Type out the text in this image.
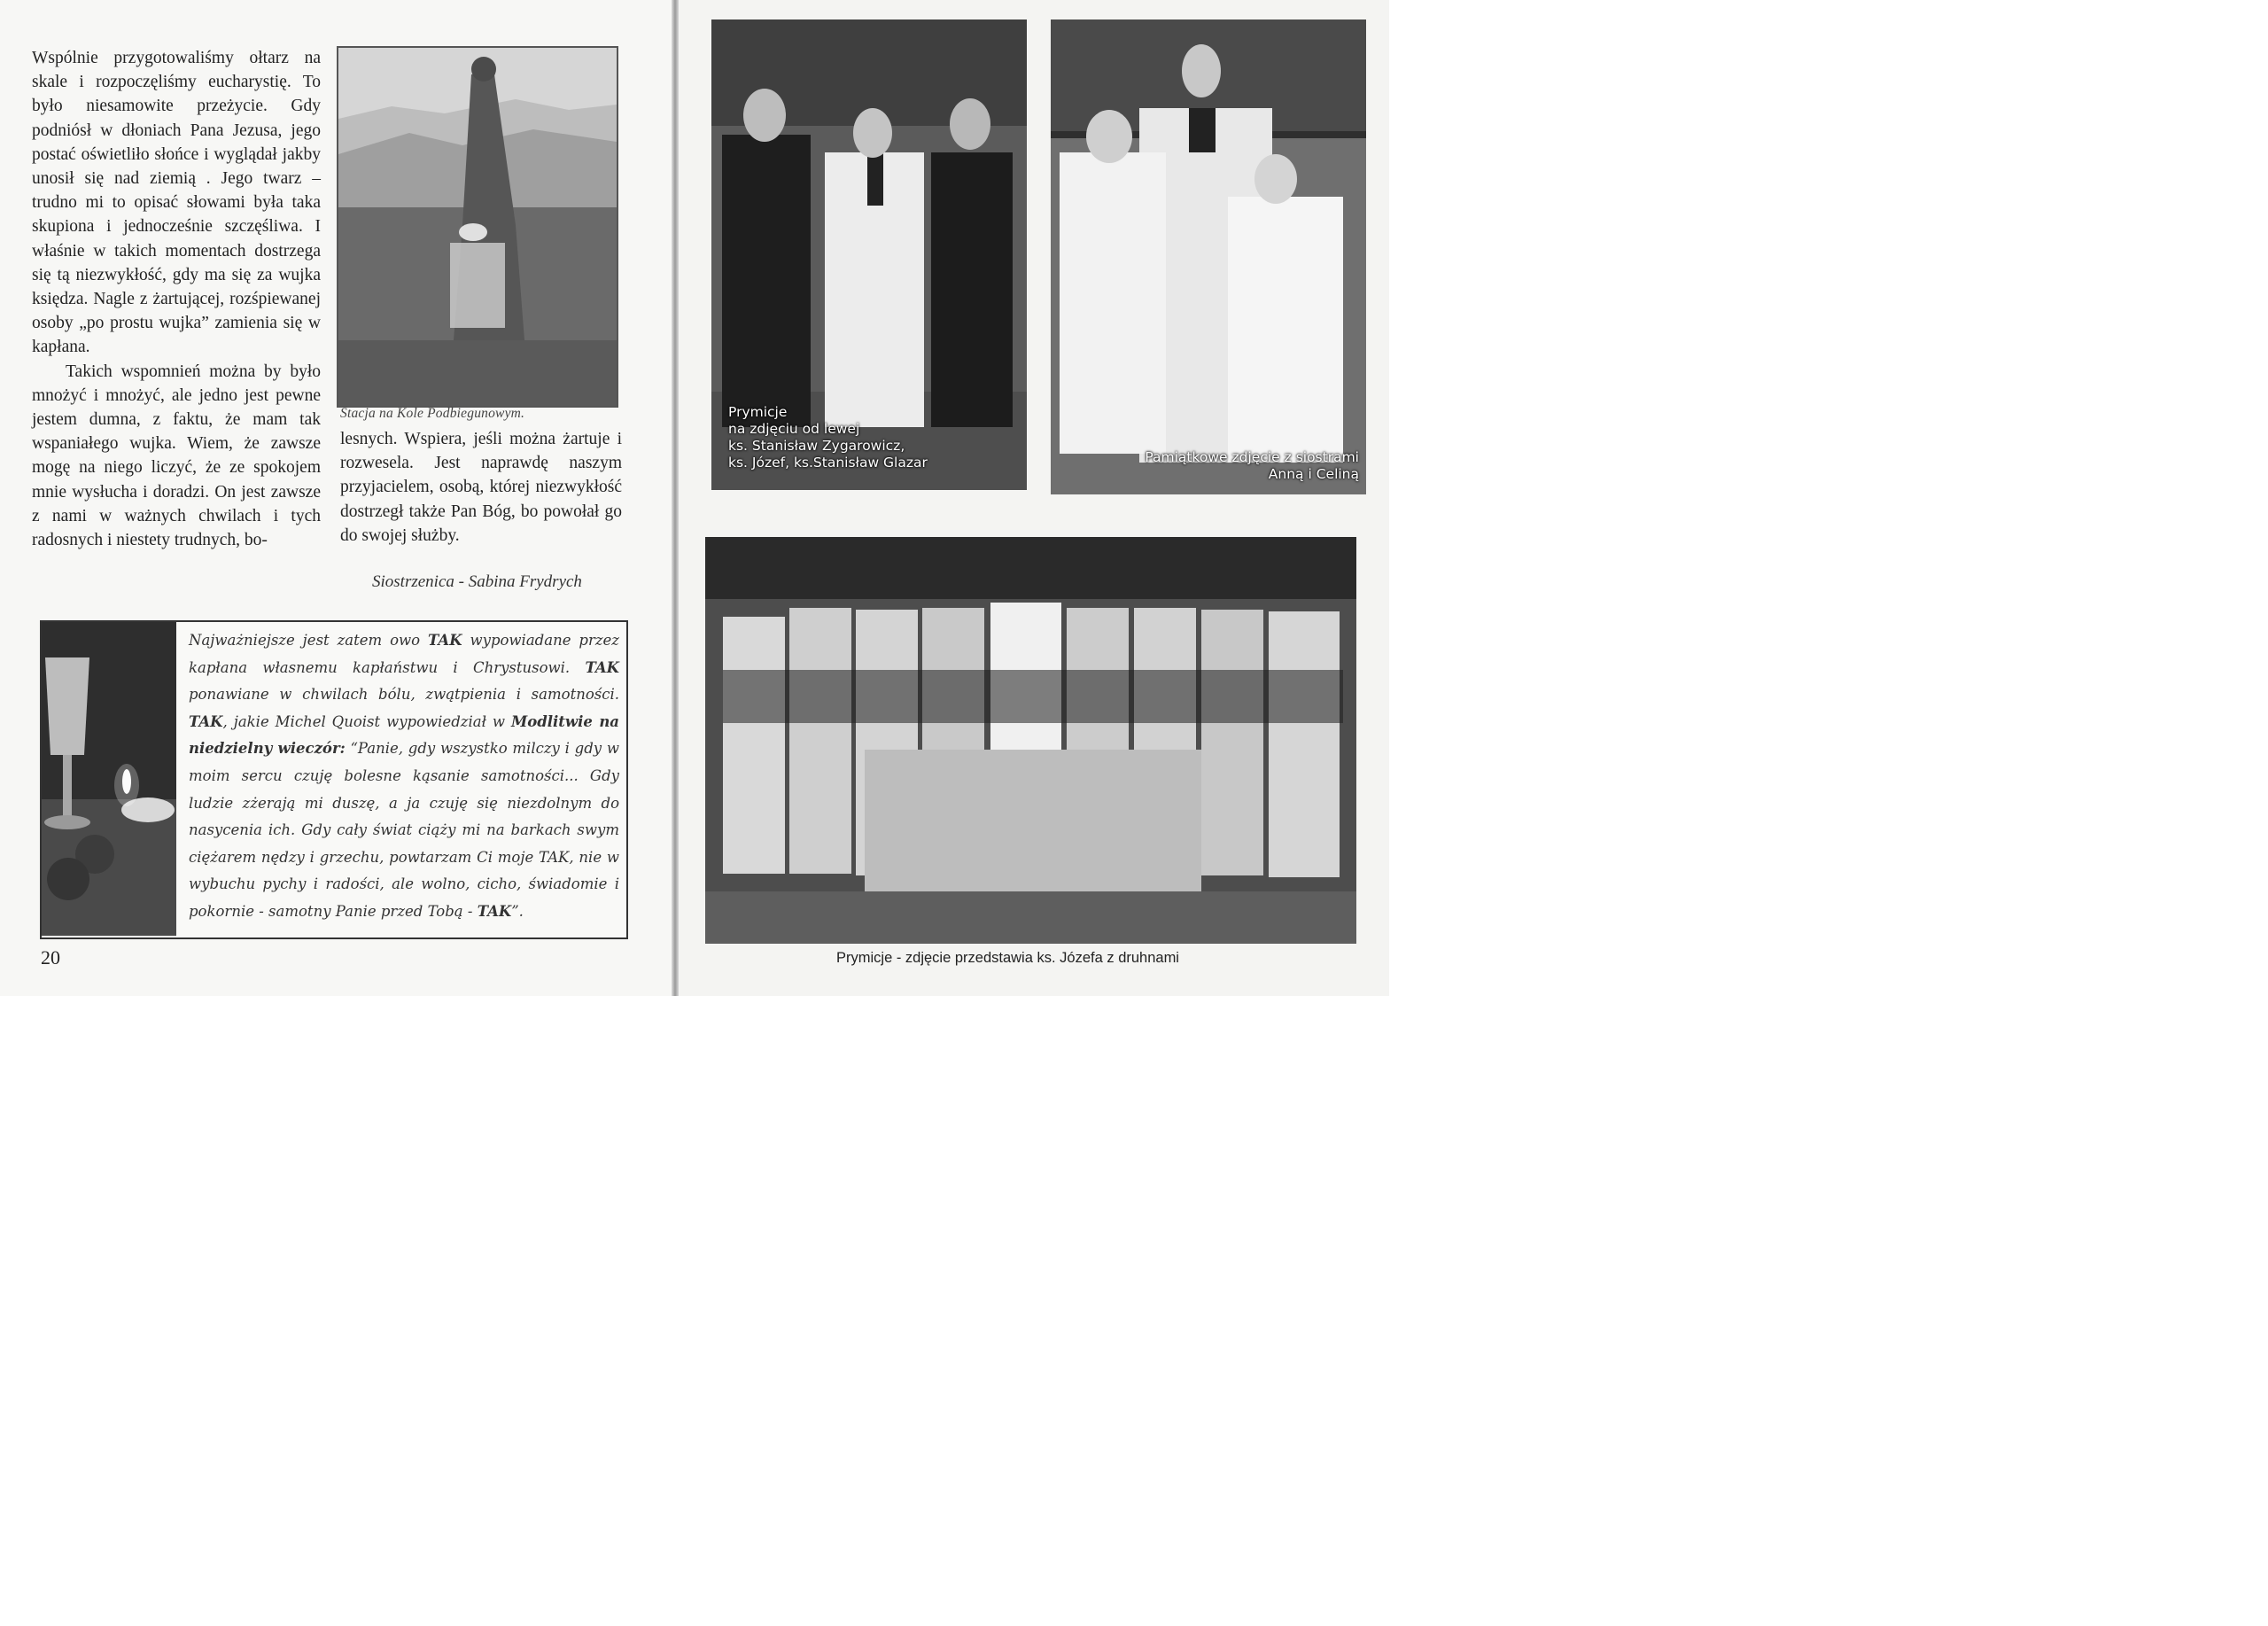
Wspólnie przygotowaliśmy ołtarz na skale i rozpoczęliśmy eucharystię. To było niesamowite przeżycie. Gdy podniósł w dłoniach Pana Jezusa, jego postać oświetliło słońce i wyglądał jakby unosił się nad ziemią . Jego twarz – trudno mi to opisać słowami była taka skupiona i jednocześnie szczęśliwa. I właśnie w takich momentach dostrzega się tą niezwykłość, gdy ma się za wujka księdza. Nagle z żartującej, rozśpiewanej osoby „po prostu wujka” zamienia się w kapłana.

Takich wspomnień można by było mnożyć i mnożyć, ale jedno jest pewne jestem dumna, z faktu, że mam tak wspaniałego wujka. Wiem, że zawsze mogę na niego liczyć, że ze spokojem mnie wysłucha i doradzi. On jest zawsze z nami w ważnych chwilach i tych radosnych i niestety trudnych, bo-

Stacja na Kole Podbiegunowym.
lesnych. Wspiera, jeśli można żartuje i rozwesela. Jest naprawdę naszym przyjacielem, osobą, której niezwykłość dostrzegł także Pan Bóg, bo powołał go do swojej służby.
Siostrzenica - Sabina Frydrych
Najważniejsze jest zatem owo TAK wypowiadane przez kapłana własnemu kapłaństwu i Chrystusowi. TAK ponawiane w chwilach bólu, zwątpienia i samotności. TAK, jakie Michel Quoist wypowiedział w Modlitwie na niedzielny wieczór: “Panie, gdy wszystko milczy i gdy w moim sercu czuję bolesne kąsanie samotności... Gdy ludzie zżerają mi duszę, a ja czuję się niezdolnym do nasycenia ich. Gdy cały świat ciąży mi na barkach swym ciężarem nędzy i grzechu, powtarzam Ci moje TAK, nie w wybuchu pychy i radości, ale wolno, cicho, świadomie i pokornie - samotny Panie przed Tobą - TAK”.
20
Prymicje
na zdjęciu od lewej
ks. Stanisław Zygarowicz,
ks. Józef, ks.Stanisław Glazar	Pamiątkowe zdjęcie z siostrami
Anną i Celiną
Prymicje - zdjęcie przedstawia ks. Józefa z druhnami
